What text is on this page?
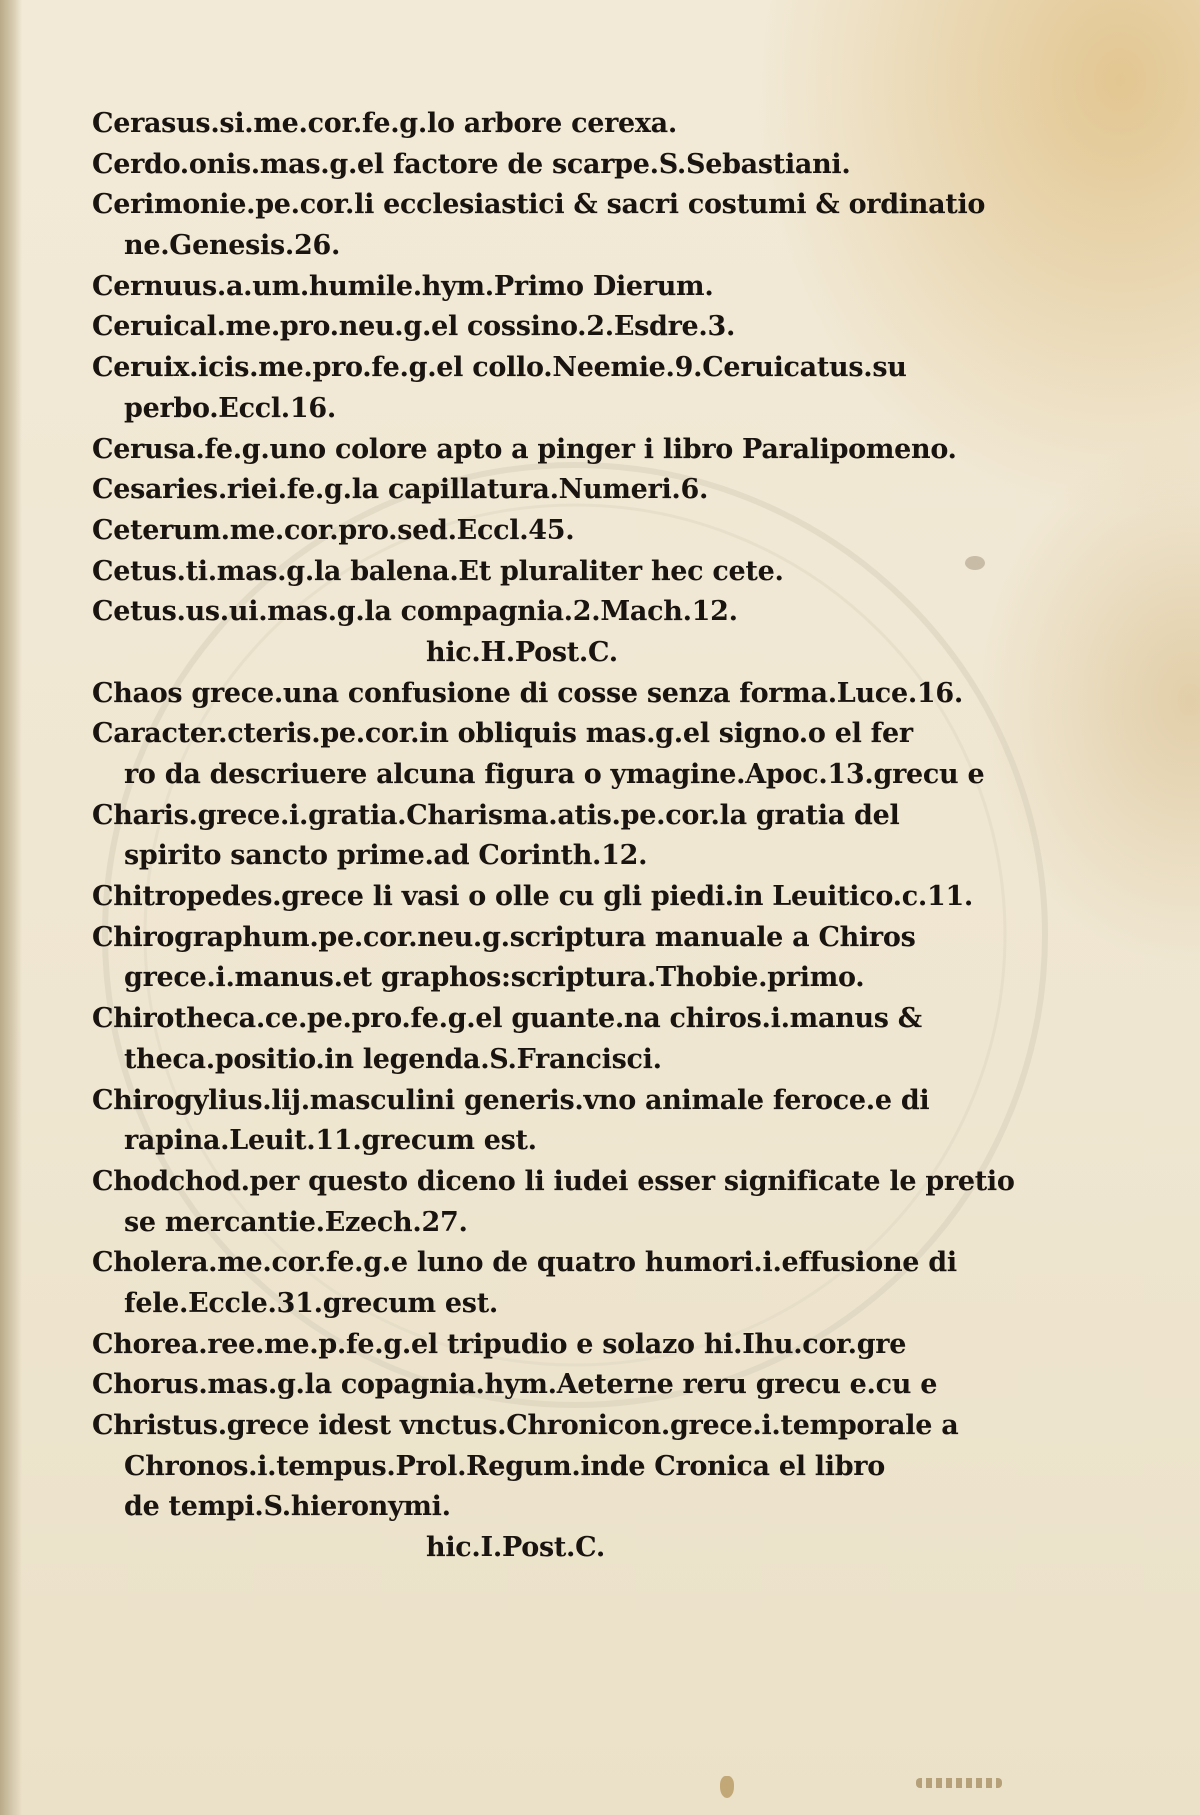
Cerasus.si.me.cor.fe.g.lo arbore cerexa.
Cerdo.onis.mas.g.el factore de scarpe.S.Sebastiani.
Cerimonie.pe.cor.li ecclesiastici & sacri costumi & ordinatio
ne.Genesis.26.
Cernuus.a.um.humile.hym.Primo Dierum.
Ceruical.me.pro.neu.g.el cossino.2.Esdre.3.
Ceruix.icis.me.pro.fe.g.el collo.Neemie.9.Ceruicatus.su
perbo.Eccl.16.
Cerusa.fe.g.uno colore apto a pinger i libro Paralipomeno.
Cesaries.riei.fe.g.la capillatura.Numeri.6.
Ceterum.me.cor.pro.sed.Eccl.45.
Cetus.ti.mas.g.la balena.Et pluraliter hec cete.
Cetus.us.ui.mas.g.la compagnia.2.Mach.12.
hic.H.Post.C.
Chaos grece.una confusione di cosse senza forma.Luce.16.
Caracter.cteris.pe.cor.in obliquis mas.g.el signo.o el fer
ro da descriuere alcuna figura o ymagine.Apoc.13.grecu e
Charis.grece.i.gratia.Charisma.atis.pe.cor.la gratia del
spirito sancto prime.ad Corinth.12.
Chitropedes.grece li vasi o olle cu gli piedi.in Leuitico.c.11.
Chirographum.pe.cor.neu.g.scriptura manuale a Chiros
grece.i.manus.et graphos:scriptura.Thobie.primo.
Chirotheca.ce.pe.pro.fe.g.el guante.na chiros.i.manus &
theca.positio.in legenda.S.Francisci.
Chirogylius.lij.masculini generis.vno animale feroce.e di
rapina.Leuit.11.grecum est.
Chodchod.per questo diceno li iudei esser significate le pretio
se mercantie.Ezech.27.
Cholera.me.cor.fe.g.e luno de quatro humori.i.effusione di
fele.Eccle.31.grecum est.
Chorea.ree.me.p.fe.g.el tripudio e solazo hi.Ihu.cor.gre
Chorus.mas.g.la copagnia.hym.Aeterne reru grecu e.cu e
Christus.grece idest vnctus.Chronicon.grece.i.temporale a
Chronos.i.tempus.Prol.Regum.inde Cronica el libro
de tempi.S.hieronymi.
hic.I.Post.C.
